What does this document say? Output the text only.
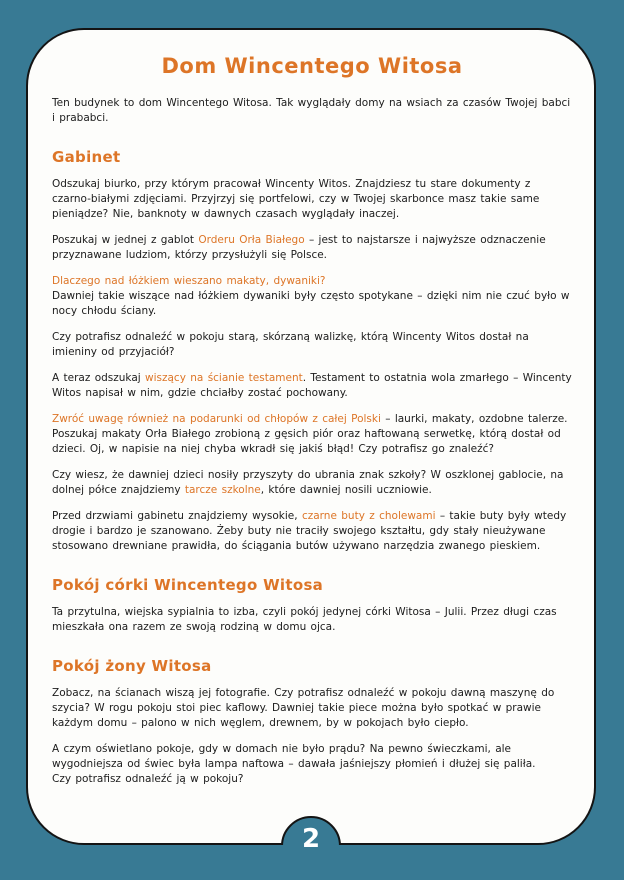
Dom Wincentego Witosa

Ten budynek to dom Wincentego Witosa. Tak wyglądały domy na wsiach za czasów Twojej babci i prababci.

Gabinet

Odszukaj biurko, przy którym pracował Wincenty Witos. Znajdziesz tu stare dokumenty z czarno-białymi zdjęciami. Przyjrzyj się portfelowi, czy w Twojej skarbonce masz takie same pieniądze? Nie, banknoty w dawnych czasach wyglądały inaczej.

Poszukaj w jednej z gablot Orderu Orła Białego – jest to najstarsze i najwyższe odznaczenie przyznawane ludziom, którzy przysłużyli się Polsce.

Dlaczego nad łóżkiem wieszano makaty, dywaniki?
Dawniej takie wiszące nad łóżkiem dywaniki były często spotykane – dzięki nim nie czuć było w nocy chłodu ściany.

Czy potrafisz odnaleźć w pokoju starą, skórzaną walizkę, którą Wincenty Witos dostał na imieniny od przyjaciół?

A teraz odszukaj wiszący na ścianie testament. Testament to ostatnia wola zmarłego – Wincenty Witos napisał w nim, gdzie chciałby zostać pochowany.

Zwróć uwagę również na podarunki od chłopów z całej Polski – laurki, makaty, ozdobne talerze. Poszukaj makaty Orła Białego zrobioną z gęsich piór oraz haftowaną serwetkę, którą dostał od dzieci. Oj, w napisie na niej chyba wkradł się jakiś błąd! Czy potrafisz go znaleźć?

Czy wiesz, że dawniej dzieci nosiły przyszyty do ubrania znak szkoły? W oszklonej gablocie, na dolnej półce znajdziemy tarcze szkolne, które dawniej nosili uczniowie.

Przed drzwiami gabinetu znajdziemy wysokie, czarne buty z cholewami – takie buty były wtedy drogie i bardzo je szanowano. Żeby buty nie traciły swojego kształtu, gdy stały nieużywane stosowano drewniane prawidła, do ściągania butów używano narzędzia zwanego pieskiem.

Pokój córki Wincentego Witosa

Ta przytulna, wiejska sypialnia to izba, czyli pokój jedynej córki Witosa – Julii. Przez długi czas mieszkała ona razem ze swoją rodziną w domu ojca.

Pokój żony Witosa

Zobacz, na ścianach wiszą jej fotografie. Czy potrafisz odnaleźć w pokoju dawną maszynę do szycia? W rogu pokoju stoi piec kaflowy. Dawniej takie piece można było spotkać w prawie każdym domu – palono w nich węglem, drewnem, by w pokojach było ciepło.

A czym oświetlano pokoje, gdy w domach nie było prądu? Na pewno świeczkami, ale wygodniejsza od świec była lampa naftowa – dawała jaśniejszy płomień i dłużej się paliła.
Czy potrafisz odnaleźć ją w pokoju?

2
